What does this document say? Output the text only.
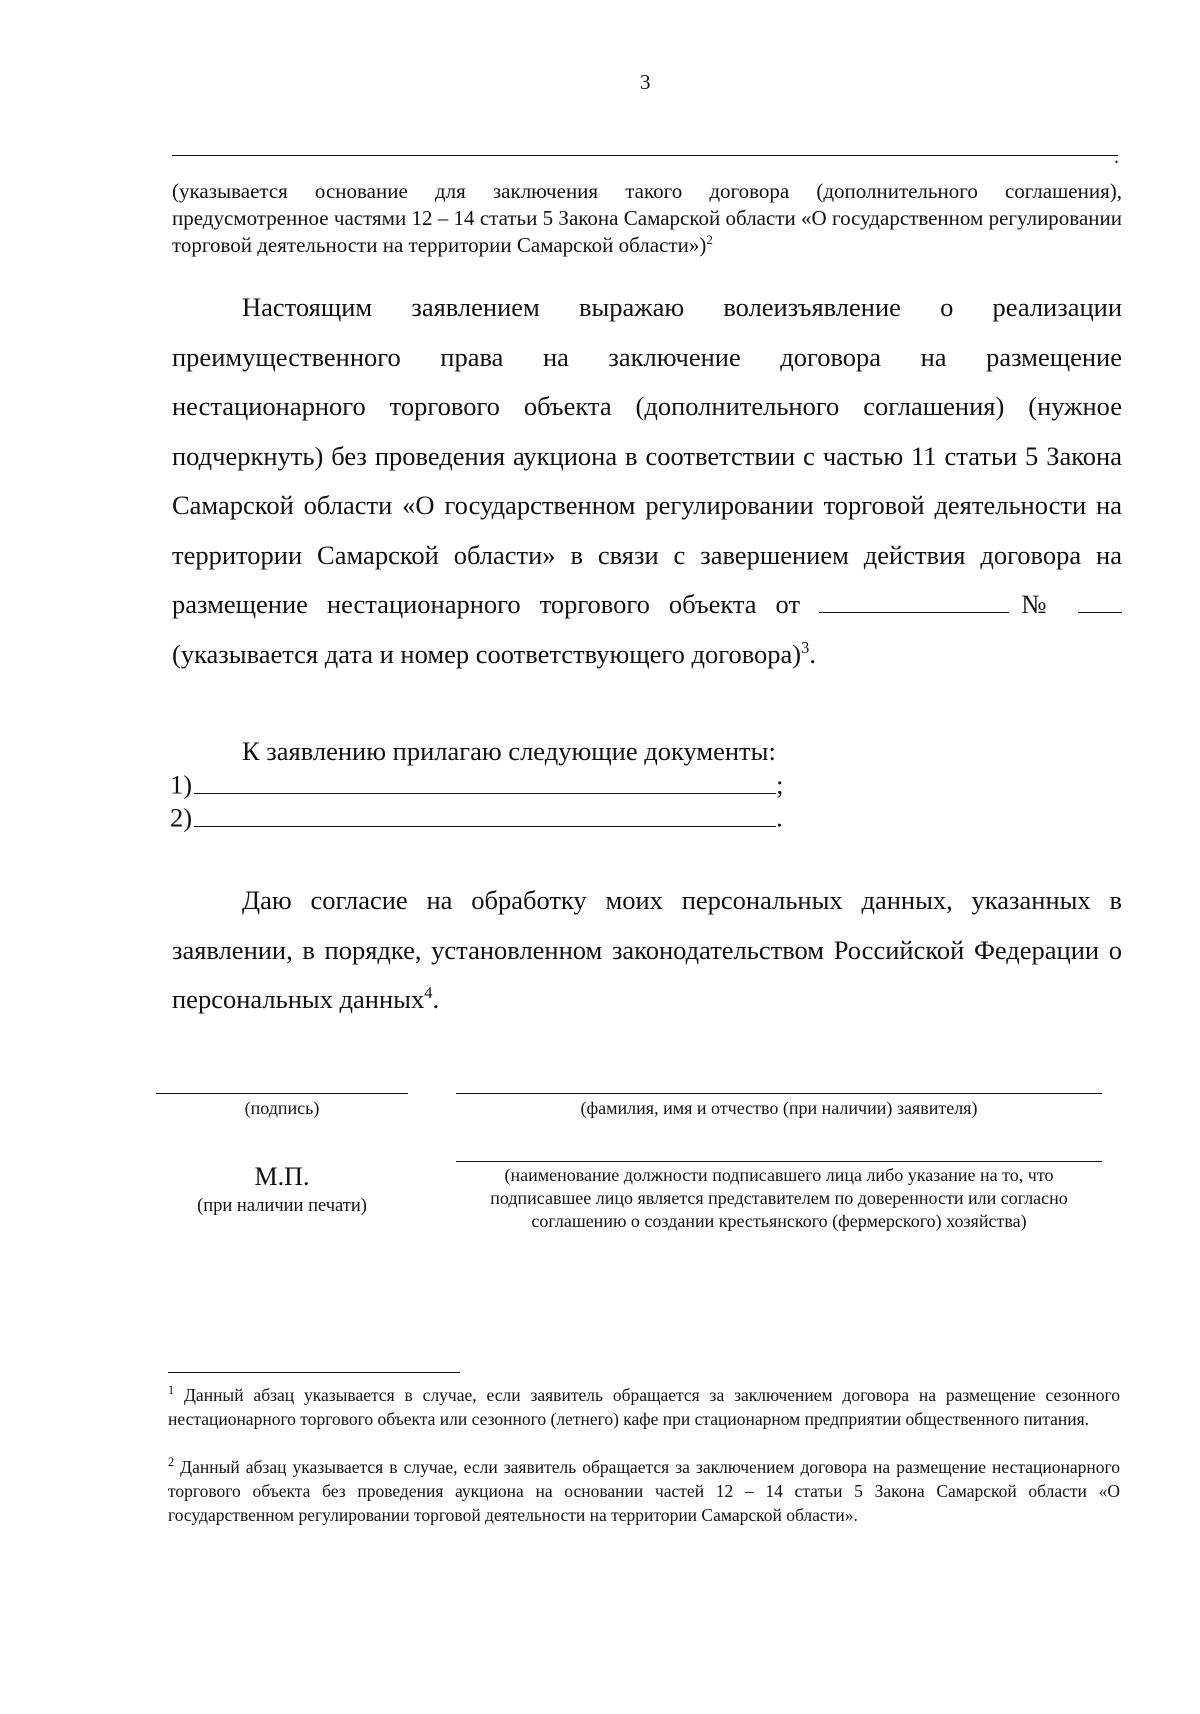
3
.
(указывается основание для заключения такого договора (дополнительного соглашения), предусмотренное частями 12 – 14 статьи 5 Закона Самарской области «О государственном регулировании торговой деятельности на территории Самарской области»)$^2$
Настоящим заявлением выражаю волеизъявление о реализации преимущественного права на заключение договора на размещение нестационарного торгового объекта (дополнительного соглашения) (нужное подчеркнуть) без проведения аукциона в соответствии с частью 11 статьи 5 Закона Самарской области «О государственном регулировании торговой деятельности на территории Самарской области» в связи с завершением действия договора на размещение нестационарного торгового объекта от	№  (указывается дата и номер соответствующего договора)$^3$.
К заявлению прилагаю следующие документы:
1)	;
2)	.
Даю согласие на обработку моих персональных данных, указанных в заявлении, в порядке, установленном законодательством Российской Федерации о персональных данных$^4$.
(подпись)	(фамилия, имя и отчество (при наличии) заявителя)
М.П.
(при наличии печати)
(наименование должности подписавшего лица либо указание на то, что подписавшее лицо является представителем по доверенности или согласно соглашению о создании крестьянского (фермерского) хозяйства)
$^1$ Данный абзац указывается в случае, если заявитель обращается за заключением договора на размещение сезонного нестационарного торгового объекта или сезонного (летнего) кафе при стационарном предприятии общественного питания.
$^2$ Данный абзац указывается в случае, если заявитель обращается за заключением договора на размещение нестационарного торгового объекта без проведения аукциона на основании частей 12 – 14 статьи 5 Закона Самарской области «О государственном регулировании торговой деятельности на территории Самарской области».
